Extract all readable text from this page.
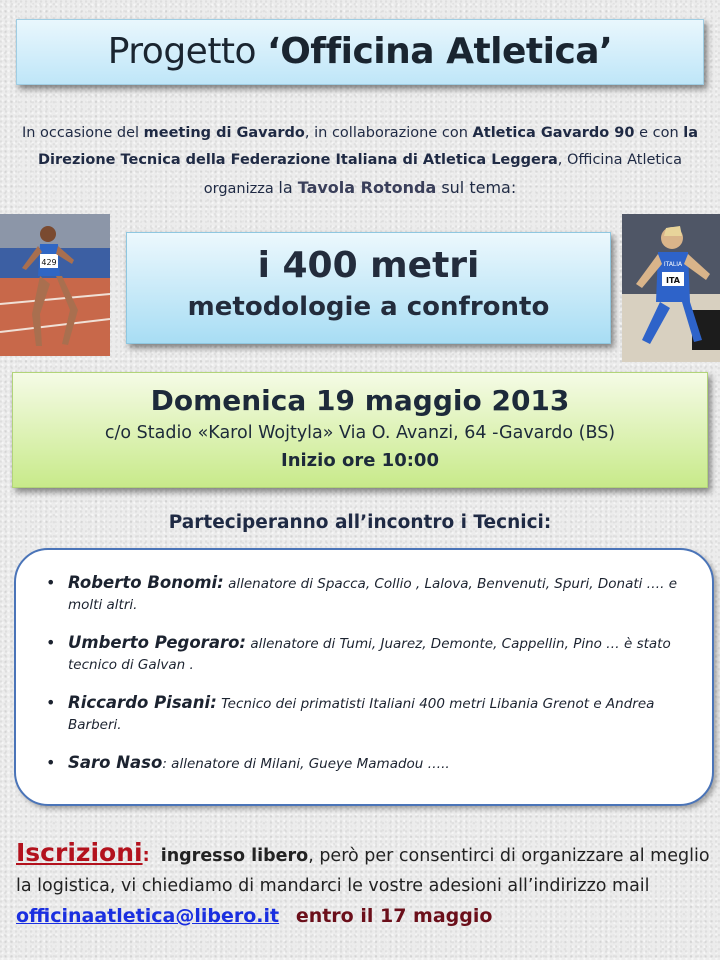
Progetto ‘Officina Atletica’
In occasione del meeting di Gavardo, in collaborazione con Atletica Gavardo 90 e con la Direzione Tecnica della Federazione Italiana di Atletica Leggera, Officina Atletica organizza la Tavola Rotonda sul tema:
429	ITALIA
ITA
i 400 metri
metodologie a confronto
Domenica 19 maggio 2013
c/o Stadio «Karol Wojtyla» Via O. Avanzi, 64 -Gavardo (BS)
Inizio ore 10:00
Parteciperanno all’incontro i Tecnici:
• Roberto Bonomi: allenatore di Spacca, Collio , Lalova, Benvenuti, Spuri, Donati …. e molti altri.
• Umberto Pegoraro: allenatore di Tumi, Juarez, Demonte, Cappellin, Pino … è stato tecnico di Galvan .
• Riccardo Pisani: Tecnico dei primatisti Italiani 400 metri Libania Grenot e Andrea Barberi.
• Saro Naso: allenatore di Milani, Gueye Mamadou …..
Iscrizioni: ingresso libero, però per consentirci di organizzare al meglio la logistica, vi chiediamo di mandarci le vostre adesioni all’indirizzo mail officinaatletica@libero.it entro il 17 maggio
